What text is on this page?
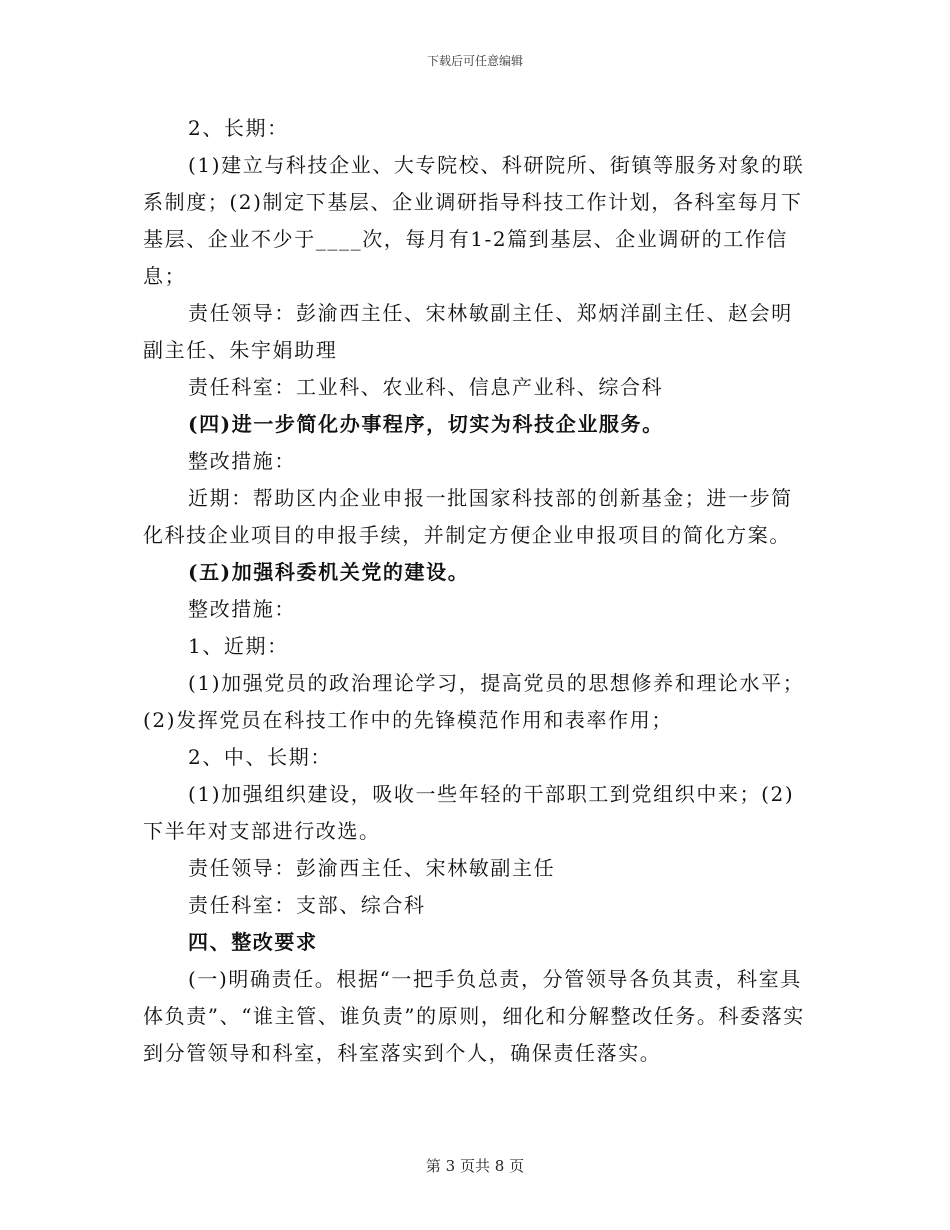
下载后可任意编辑

2、长期：

(1)建立与科技企业、大专院校、科研院所、街镇等服务对象的联系制度；(2)制定下基层、企业调研指导科技工作计划，各科室每月下基层、企业不少于____次，每月有1-2篇到基层、企业调研的工作信息；

责任领导：彭渝西主任、宋林敏副主任、郑炳洋副主任、赵会明副主任、朱宇娟助理

责任科室：工业科、农业科、信息产业科、综合科

(四)进一步简化办事程序，切实为科技企业服务。

整改措施：

近期：帮助区内企业申报一批国家科技部的创新基金；进一步简化科技企业项目的申报手续，并制定方便企业申报项目的简化方案。

(五)加强科委机关党的建设。

整改措施：

1、近期：

(1)加强党员的政治理论学习，提高党员的思想修养和理论水平；(2)发挥党员在科技工作中的先锋模范作用和表率作用；

2、中、长期：

(1)加强组织建设，吸收一些年轻的干部职工到党组织中来；(2)下半年对支部进行改选。

责任领导：彭渝西主任、宋林敏副主任

责任科室：支部、综合科

四、整改要求

(一)明确责任。根据“一把手负总责，分管领导各负其责，科室具体负责”、“谁主管、谁负责”的原则，细化和分解整改任务。科委落实到分管领导和科室，科室落实到个人，确保责任落实。

第 3 页共 8 页
